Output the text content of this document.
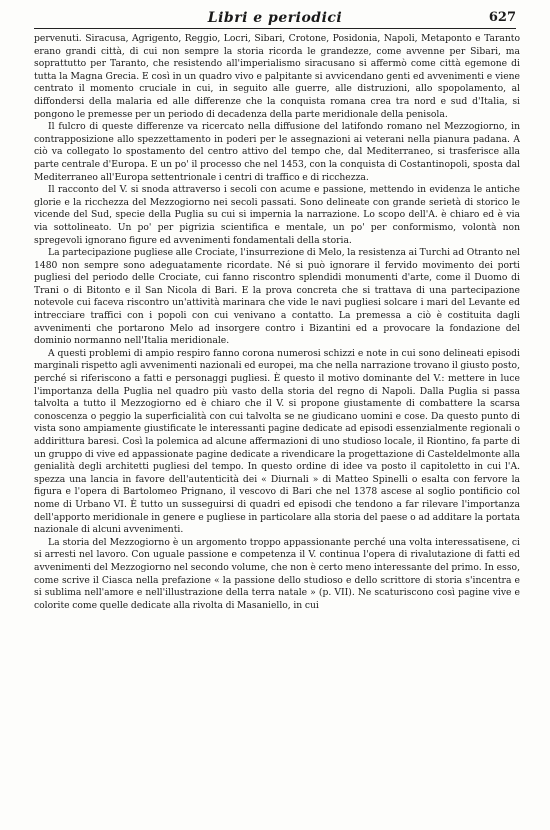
Libri e periodici	627

pervenuti. Siracusa, Agrigento, Reggio, Locri, Sibari, Crotone, Posidonia, Napoli, Metaponto e Taranto erano grandi città, di cui non sempre la storia ricorda le grandezze, come avvenne per Sibari, ma soprattutto per Taranto, che resistendo all'imperialismo siracusano si affermò come città egemone di tutta la Magna Grecia. E così in un quadro vivo e palpitante si avvicendano genti ed avvenimenti e viene centrato il momento cruciale in cui, in seguito alle guerre, alle distruzioni, allo spopolamento, al diffondersi della malaria ed alle differenze che la conquista romana crea tra nord e sud d'Italia, si pongono le premesse per un periodo di decadenza della parte meridionale della penisola.

Il fulcro di queste differenze va ricercato nella diffusione del latifondo romano nel Mezzogiorno, in contrapposizione allo spezzettamento in poderi per le assegnazioni ai veterani nella pianura padana. A ciò va collegato lo spostamento del centro attivo del tempo che, dal Mediterraneo, si trasferisce alla parte centrale d'Europa. E un po' il processo che nel 1453, con la conquista di Costantinopoli, sposta dal Mediterraneo all'Europa settentrionale i centri di traffico e di ricchezza.

Il racconto del V. si snoda attraverso i secoli con acume e passione, mettendo in evidenza le antiche glorie e la ricchezza del Mezzogiorno nei secoli passati. Sono delineate con grande serietà di storico le vicende del Sud, specie della Puglia su cui si imperniа la narrazione. Lo scopo dell'A. è chiaro ed è via via sottolineato. Un po' per pigrizia scientifica e mentale, un po' per conformismo, volontà non spregevoli ignorano figure ed avvenimenti fondamentali della storia.

La partecipazione pugliese alle Crociate, l'insurrezione di Melo, la resistenza ai Turchi ad Otranto nel 1480 non sempre sono adeguatamente ricordate. Né si può ignorare il fervido movimento dei porti pugliesi del periodo delle Crociate, cui fanno riscontro splendidi monumenti d'arte, come il Duomo di Trani o di Bitonto e il San Nicola di Bari. E la prova concreta che si trattava di una partecipazione notevole cui faceva riscontro un'attività marinara che vide le navi pugliesi solcare i mari del Levante ed intrecciare traffici con i popoli con cui venivano a contatto. La premessa a ciò è costituita dagli avvenimenti che portarono Melo ad insorgere contro i Bizantini ed a provocare la fondazione del dominio normanno nell'Italia meridionale.

A questi problemi di ampio respiro fanno corona numerosi schizzi e note in cui sono delineati episodi marginali rispetto agli avvenimenti nazionali ed europei, ma che nella narrazione trovano il giusto posto, perché si riferiscono a fatti e personaggi pugliesi. È questo il motivo dominante del V.: mettere in luce l'importanza della Puglia nel quadro più vasto della storia del regno di Napoli. Dalla Puglia si passa talvolta a tutto il Mezzogiorno ed è chiaro che il V. si propone giustamente di combattere la scarsa conoscenza o peggio la superficialità con cui talvolta se ne giudicano uomini e cose. Da questo punto di vista sono ampiamente giustificate le interessanti pagine dedicate ad episodi essenzialmente regionali o addirittura baresi. Così la polemica ad alcune affermazioni di uno studioso locale, il Riontino, fa parte di un gruppo di vive ed appassionate pagine dedicate a rivendicare la progettazione di Casteldelmonte alla genialità degli architetti pugliesi del tempo. In questo ordine di idee va posto il capitoletto in cui l'A. spezza una lancia in favore dell'autenticità dei « Diurnali » di Matteo Spinelli o esalta con fervore la figura e l'opera di Bartolomeo Prignano, il vescovo di Bari che nel 1378 ascese al soglio pontificio col nome di Urbano VI. È tutto un susseguirsi di quadri ed episodi che tendono a far rilevare l'importanza dell'apporto meridionale in genere e pugliese in particolare alla storia del paese o ad additare la portata nazionale di alcuni avvenimenti.

La storia del Mezzogiorno è un argomento troppo appassionante perché una volta interessatisene, ci si arresti nel lavoro. Con uguale passione e competenza il V. continua l'opera di rivalutazione di fatti ed avvenimenti del Mezzogiorno nel secondo volume, che non è certo meno interessante del primo. In esso, come scrive il Ciasca nella prefazione « la passione dello studioso e dello scrittore di storia s'incentra e si sublima nell'amore e nell'illustrazione della terra natale » (p. VII). Ne scaturiscono così pagine vive e colorite come quelle dedicate alla rivolta di Masaniello, in cui
